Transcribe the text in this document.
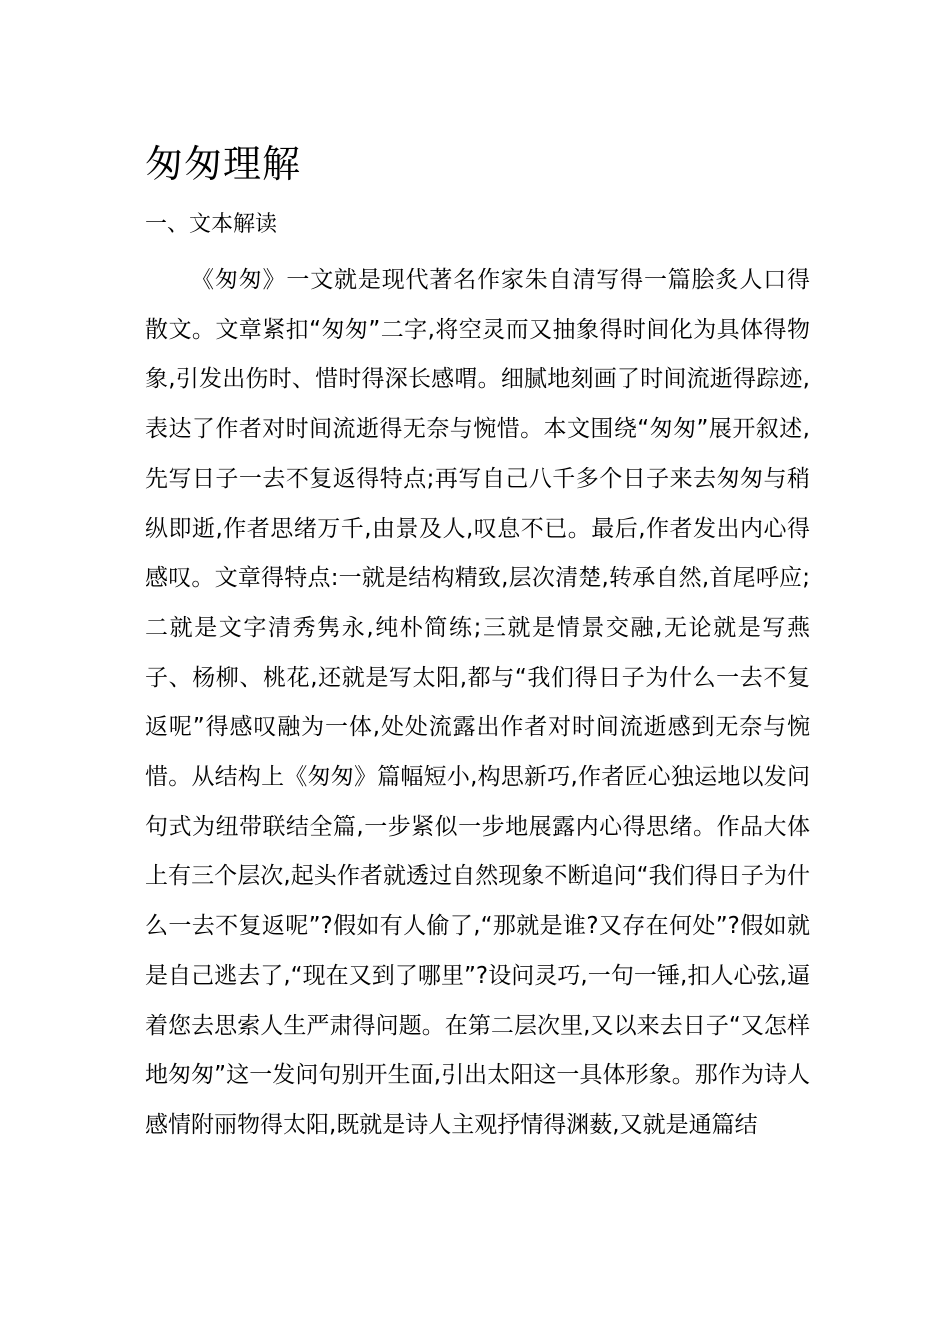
匆匆理解
一、文本解读

《匆匆》一文就是现代著名作家朱自清写得一篇脍炙人口得散文。文章紧扣“匆匆”二字,将空灵而又抽象得时间化为具体得物象,引发出伤时、惜时得深长感喟。细腻地刻画了时间流逝得踪迹,表达了作者对时间流逝得无奈与惋惜。本文围绕“匆匆”展开叙述,先写日子一去不复返得特点;再写自己八千多个日子来去匆匆与稍纵即逝,作者思绪万千,由景及人,叹息不已。最后,作者发出内心得感叹。文章得特点:一就是结构精致,层次清楚,转承自然,首尾呼应;二就是文字清秀隽永,纯朴简练;三就是情景交融,无论就是写燕子、杨柳、桃花,还就是写太阳,都与“我们得日子为什么一去不复返呢”得感叹融为一体,处处流露出作者对时间流逝感到无奈与惋惜。从结构上《匆匆》篇幅短小,构思新巧,作者匠心独运地以发问句式为纽带联结全篇,一步紧似一步地展露内心得思绪。作品大体上有三个层次,起头作者就透过自然现象不断追问“我们得日子为什么一去不复返呢”?假如有人偷了,“那就是谁?又存在何处”?假如就是自己逃去了,“现在又到了哪里”?设问灵巧,一句一锤,扣人心弦,逼着您去思索人生严肃得问题。在第二层次里,又以来去日子“又怎样地匆匆”这一发问句别开生面,引出太阳这一具体形象。那作为诗人感情附丽物得太阳,既就是诗人主观抒情得渊薮,又就是通篇结
